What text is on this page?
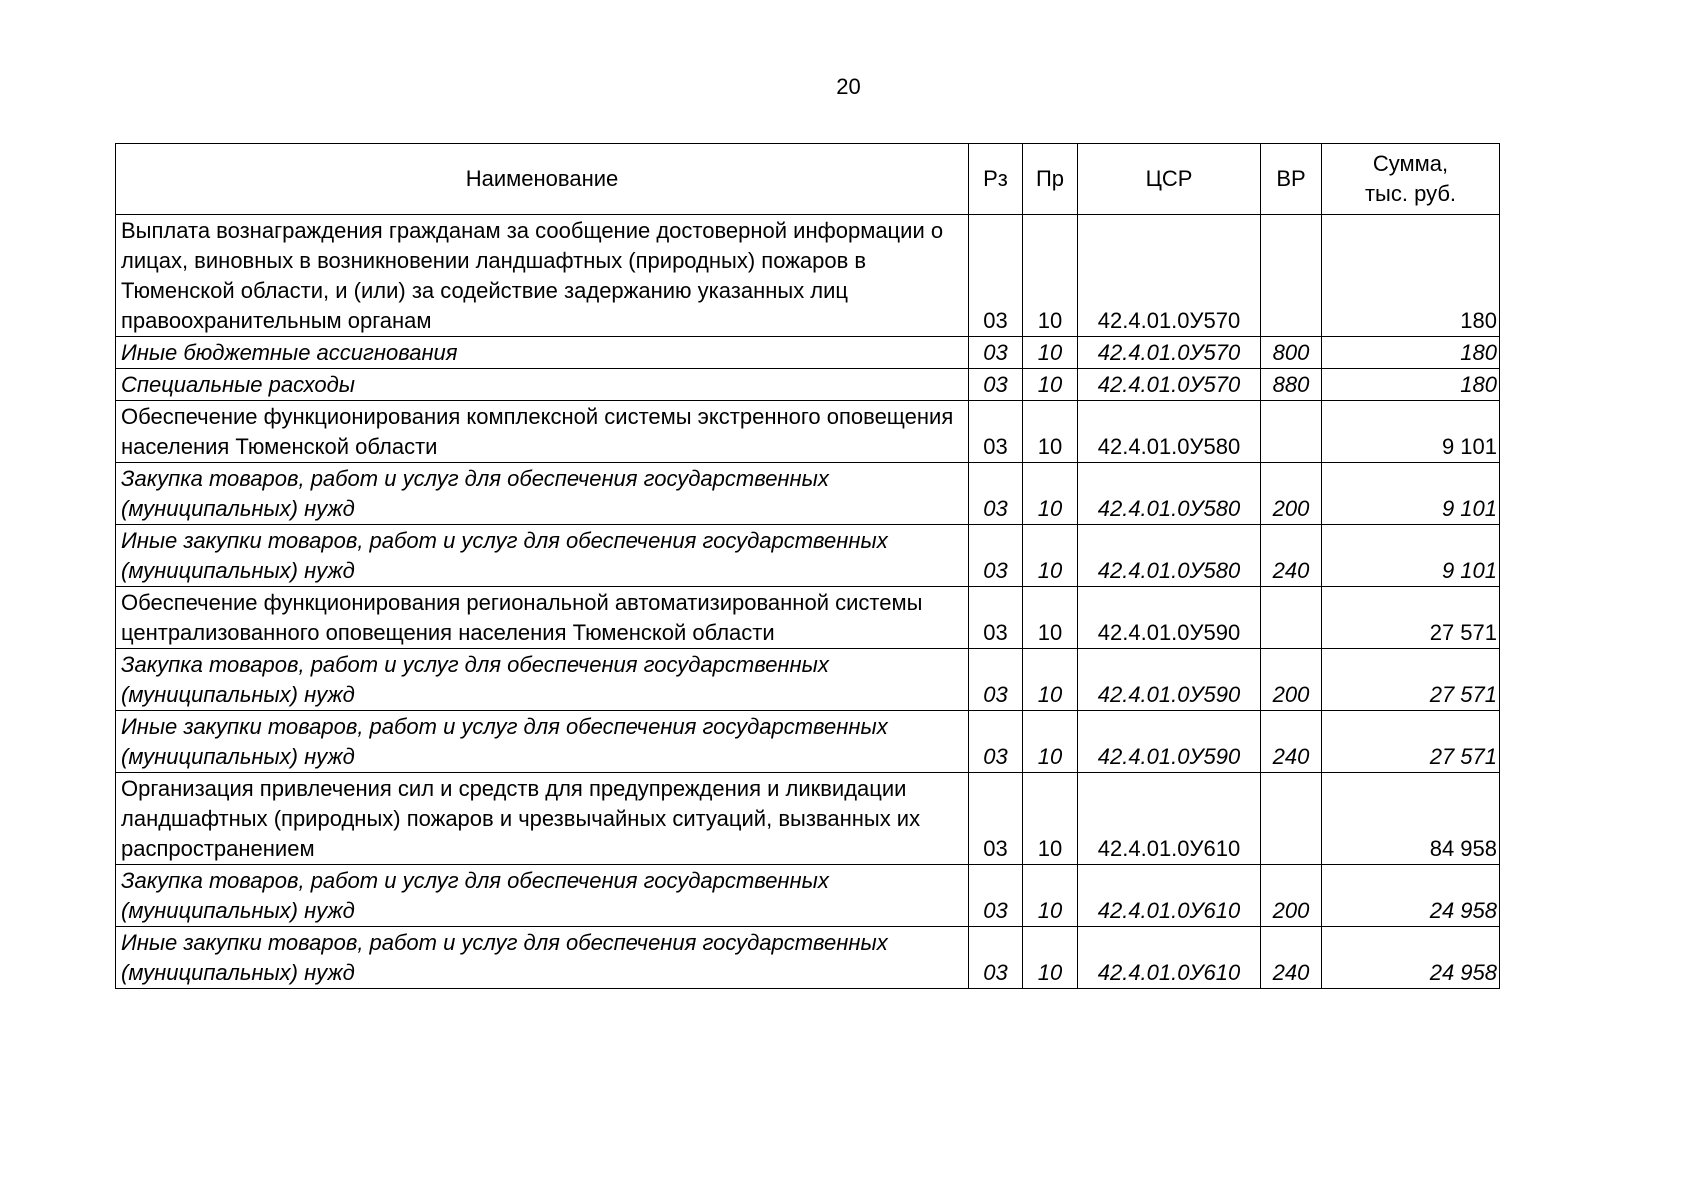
20
Наименование	Рз	Пр	ЦСР	ВР	Сумма,
тыс. руб.
Выплата вознаграждения гражданам за сообщение достоверной информации о лицах, виновных в возникновении ландшафтных (природных) пожаров в Тюменской области, и (или) за содействие задержанию указанных лиц правоохранительным органам	03	10	42.4.01.0У570		180
Иные бюджетные ассигнования	03	10	42.4.01.0У570	800	180
Специальные расходы	03	10	42.4.01.0У570	880	180
Обеспечение функционирования комплексной системы экстренного оповещения населения Тюменской области	03	10	42.4.01.0У580		9 101
Закупка товаров, работ и услуг для обеспечения государственных (муниципальных) нужд	03	10	42.4.01.0У580	200	9 101
Иные закупки товаров, работ и услуг для обеспечения государственных (муниципальных) нужд	03	10	42.4.01.0У580	240	9 101
Обеспечение функционирования региональной автоматизированной системы централизованного оповещения населения Тюменской области	03	10	42.4.01.0У590		27 571
Закупка товаров, работ и услуг для обеспечения государственных (муниципальных) нужд	03	10	42.4.01.0У590	200	27 571
Иные закупки товаров, работ и услуг для обеспечения государственных (муниципальных) нужд	03	10	42.4.01.0У590	240	27 571
Организация привлечения сил и средств для предупреждения и ликвидации ландшафтных (природных) пожаров и чрезвычайных ситуаций, вызванных их распространением	03	10	42.4.01.0У610		84 958
Закупка товаров, работ и услуг для обеспечения государственных (муниципальных) нужд	03	10	42.4.01.0У610	200	24 958
Иные закупки товаров, работ и услуг для обеспечения государственных (муниципальных) нужд	03	10	42.4.01.0У610	240	24 958
